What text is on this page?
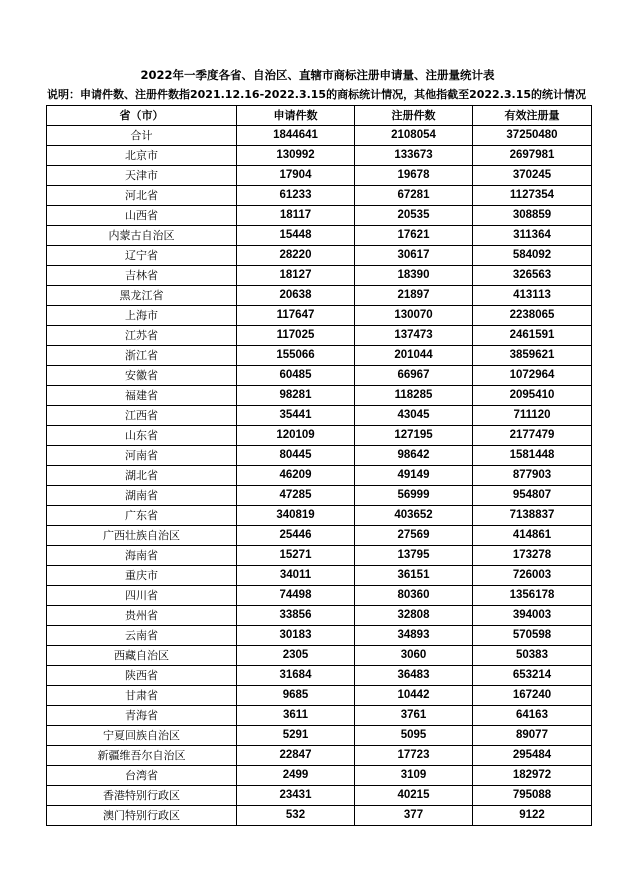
2022年一季度各省、自治区、直辖市商标注册申请量、注册量统计表
说明：申请件数、注册件数指2021.12.16-2022.3.15的商标统计情况，其他指截至2022.3.15的统计情况
省（市）	申请件数	注册件数	有效注册量
合计	1844641	2108054	37250480
北京市	130992	133673	2697981
天津市	17904	19678	370245
河北省	61233	67281	1127354
山西省	18117	20535	308859
内蒙古自治区	15448	17621	311364
辽宁省	28220	30617	584092
吉林省	18127	18390	326563
黑龙江省	20638	21897	413113
上海市	117647	130070	2238065
江苏省	117025	137473	2461591
浙江省	155066	201044	3859621
安徽省	60485	66967	1072964
福建省	98281	118285	2095410
江西省	35441	43045	711120
山东省	120109	127195	2177479
河南省	80445	98642	1581448
湖北省	46209	49149	877903
湖南省	47285	56999	954807
广东省	340819	403652	7138837
广西壮族自治区	25446	27569	414861
海南省	15271	13795	173278
重庆市	34011	36151	726003
四川省	74498	80360	1356178
贵州省	33856	32808	394003
云南省	30183	34893	570598
西藏自治区	2305	3060	50383
陕西省	31684	36483	653214
甘肃省	9685	10442	167240
青海省	3611	3761	64163
宁夏回族自治区	5291	5095	89077
新疆维吾尔自治区	22847	17723	295484
台湾省	2499	3109	182972
香港特别行政区	23431	40215	795088
澳门特别行政区	532	377	9122
